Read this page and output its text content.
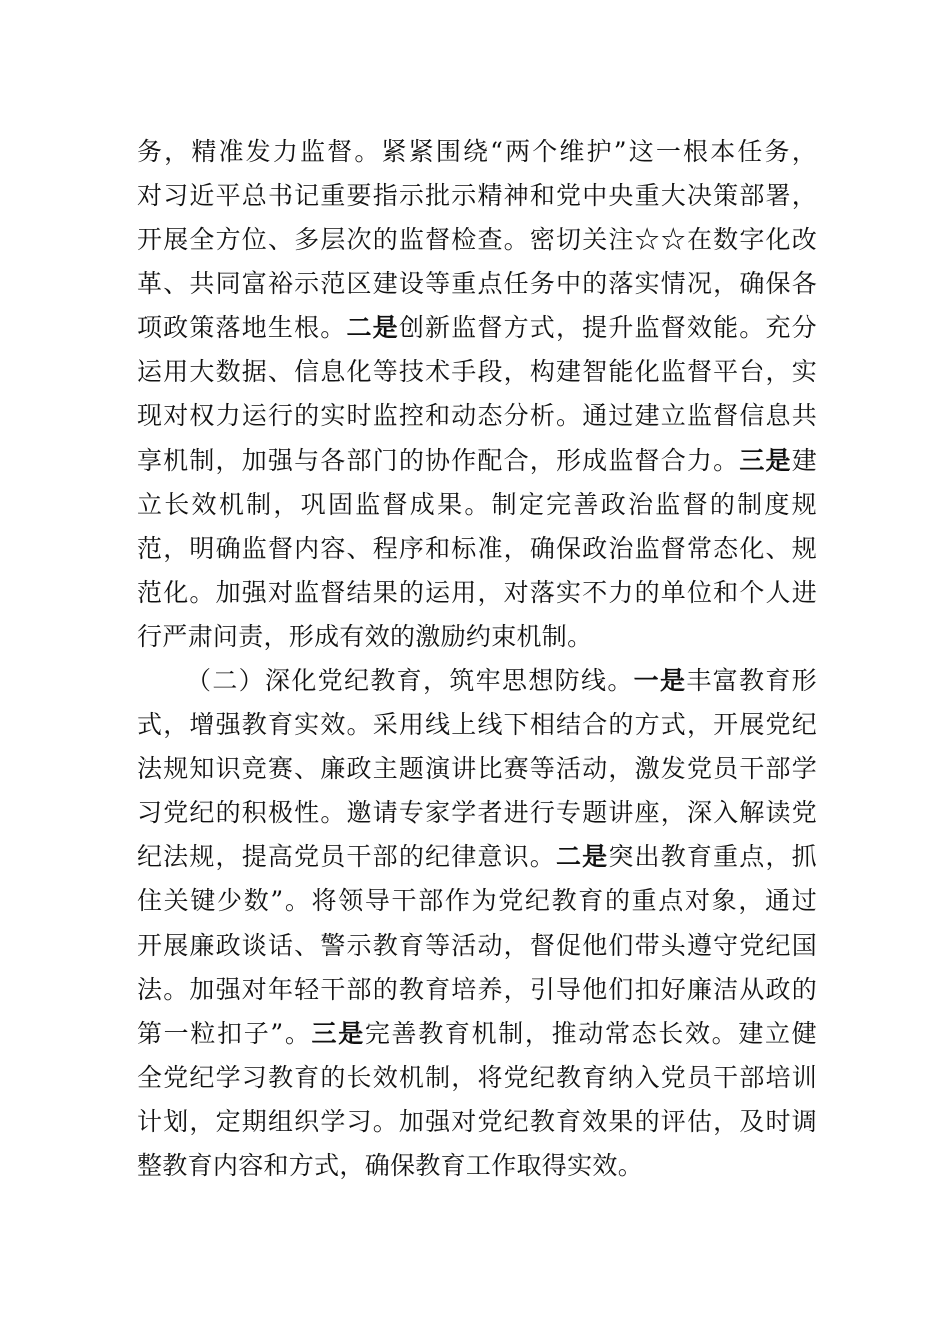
务，精准发力监督。紧紧围绕“两个维护”这一根本任务，
对习近平总书记重要指示批示精神和党中央重大决策部署，
开展全方位、多层次的监督检查。密切关注☆☆在数字化改
革、共同富裕示范区建设等重点任务中的落实情况，确保各
项政策落地生根。二是创新监督方式，提升监督效能。充分
运用大数据、信息化等技术手段，构建智能化监督平台，实
现对权力运行的实时监控和动态分析。通过建立监督信息共
享机制，加强与各部门的协作配合，形成监督合力。三是建
立长效机制，巩固监督成果。制定完善政治监督的制度规
范，明确监督内容、程序和标准，确保政治监督常态化、规
范化。加强对监督结果的运用，对落实不力的单位和个人进
行严肃问责，形成有效的激励约束机制。
（二）深化党纪教育，筑牢思想防线。一是丰富教育形
式，增强教育实效。采用线上线下相结合的方式，开展党纪
法规知识竞赛、廉政主题演讲比赛等活动，激发党员干部学
习党纪的积极性。邀请专家学者进行专题讲座，深入解读党
纪法规，提高党员干部的纪律意识。二是突出教育重点，抓
住关键少数”。将领导干部作为党纪教育的重点对象，通过
开展廉政谈话、警示教育等活动，督促他们带头遵守党纪国
法。加强对年轻干部的教育培养，引导他们扣好廉洁从政的
第一粒扣子”。三是完善教育机制，推动常态长效。建立健
全党纪学习教育的长效机制，将党纪教育纳入党员干部培训
计划，定期组织学习。加强对党纪教育效果的评估，及时调
整教育内容和方式，确保教育工作取得实效。
